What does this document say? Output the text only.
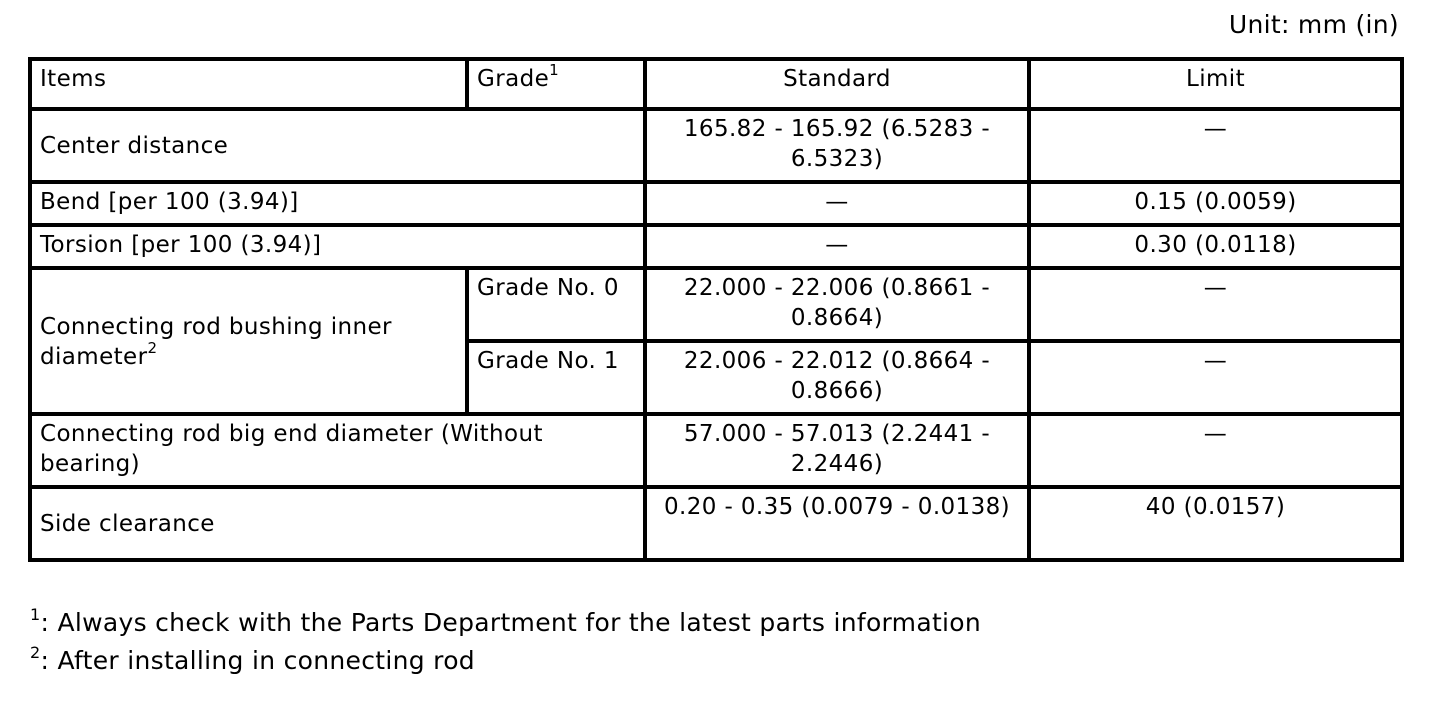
Unit: mm (in)
Items	Grade$^1$	Standard	Limit
Center distance		165.82 - 165.92 (6.5283 - 6.5323)	—
Bend [per 100 (3.94)]		—	0.15 (0.0059)
Torsion [per 100 (3.94)]		—	0.30 (0.0118)
Connecting rod bushing inner diameter$^2$	Grade No. 0	22.000 - 22.006 (0.8661 - 0.8664)	—
	Grade No. 1	22.006 - 22.012 (0.8664 - 0.8666)	—
Connecting rod big end diameter (Without bearing)		57.000 - 57.013 (2.2441 - 2.2446)	—
Side clearance		0.20 - 0.35 (0.0079 - 0.0138)	40 (0.0157)
$^1$: Always check with the Parts Department for the latest parts information
$^2$: After installing in connecting rod
